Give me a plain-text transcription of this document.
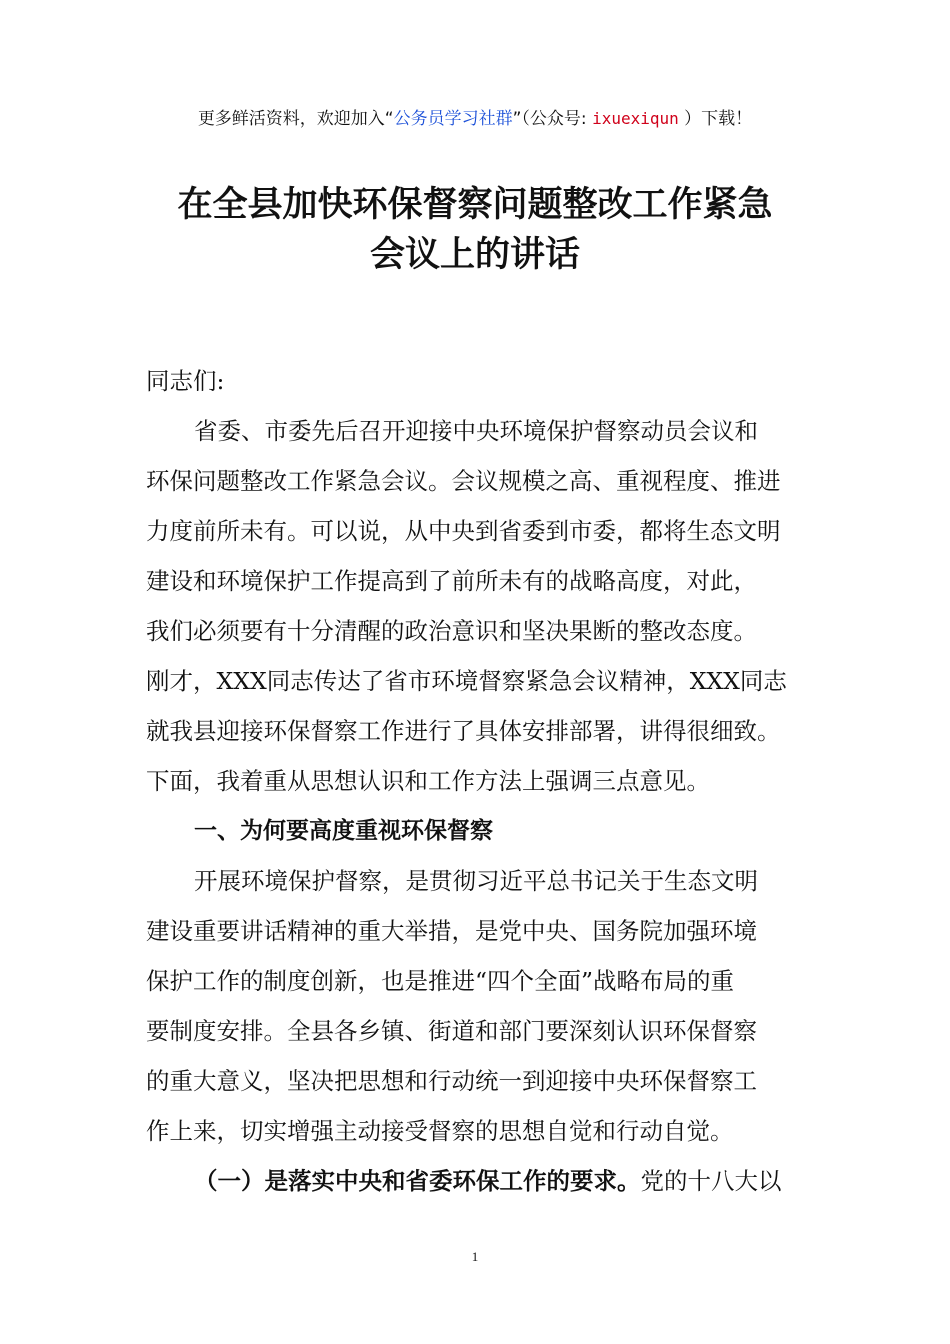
更多鲜活资料，欢迎加入“公务员学习社群”（公众号: ixuexiqun ）下载！
在全县加快环保督察问题整改工作紧急
会议上的讲话

同志们:

省委、市委先后召开迎接中央环境保护督察动员会议和

环保问题整改工作紧急会议。会议规模之高、重视程度、推进

力度前所未有。可以说，从中央到省委到市委，都将生态文明

建设和环境保护工作提高到了前所未有的战略高度，对此，

我们必须要有十分清醒的政治意识和坚决果断的整改态度。

刚才，XXX同志传达了省市环境督察紧急会议精神，XXX同志

就我县迎接环保督察工作进行了具体安排部署，讲得很细致。

下面，我着重从思想认识和工作方法上强调三点意见。

一、为何要高度重视环保督察

开展环境保护督察，是贯彻习近平总书记关于生态文明

建设重要讲话精神的重大举措，是党中央、国务院加强环境

保护工作的制度创新，也是推进“四个全面”战略布局的重

要制度安排。全县各乡镇、街道和部门要深刻认识环保督察

的重大意义，坚决把思想和行动统一到迎接中央环保督察工

作上来，切实增强主动接受督察的思想自觉和行动自觉。

（一）是落实中央和省委环保工作的要求。党的十八大以

1
